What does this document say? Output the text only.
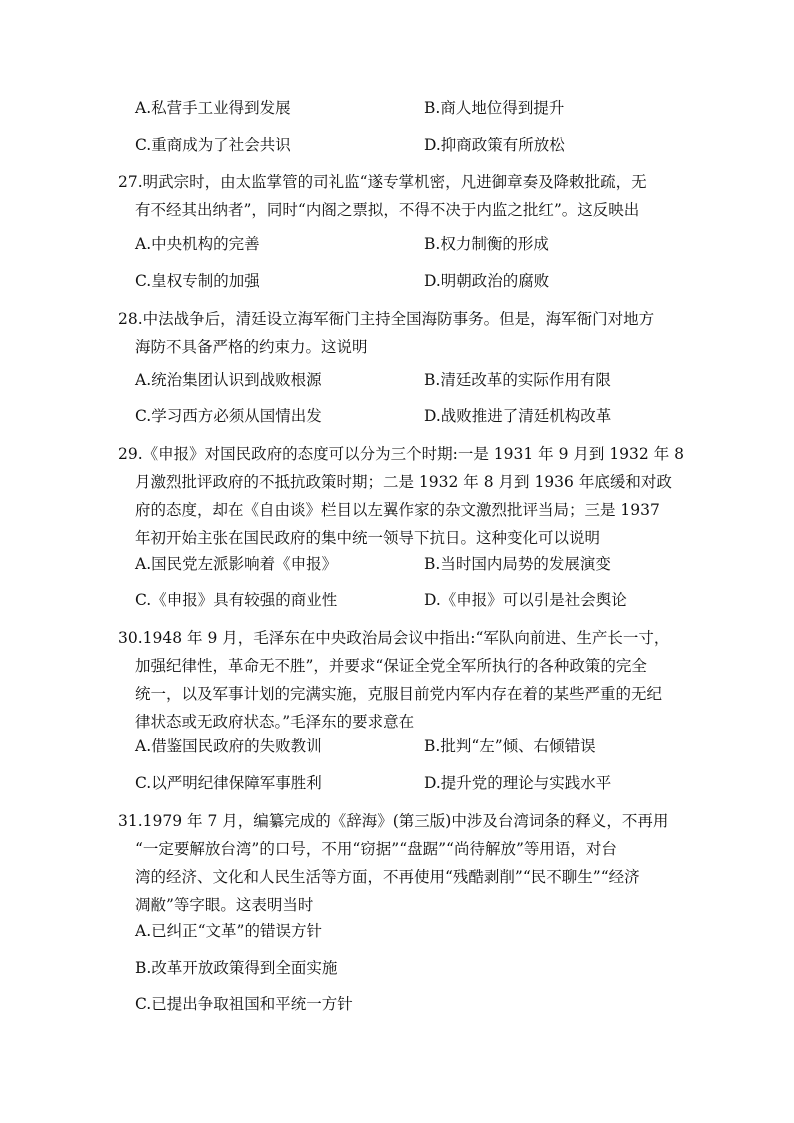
A.私营手工业得到发展	B.商人地位得到提升
C.重商成为了社会共识	D.抑商政策有所放松
27.明武宗时，由太监掌管的司礼监“遂专掌机密，凡进御章奏及降敕批疏，无
有不经其出纳者”，同时“内阁之票拟，不得不决于内监之批红”。这反映出
A.中央机构的完善	B.权力制衡的形成
C.皇权专制的加强	D.明朝政治的腐败
28.中法战争后，清廷设立海军衙门主持全国海防事务。但是，海军衙门对地方
海防不具备严格的约束力。这说明
A.统治集团认识到战败根源	B.清廷改革的实际作用有限
C.学习西方必须从国情出发	D.战败推进了清廷机构改革
29.《申报》对国民政府的态度可以分为三个时期:一是 1931 年 9 月到 1932 年 8
月激烈批评政府的不抵抗政策时期；二是 1932 年 8 月到 1936 年底缓和对政
府的态度，却在《自由谈》栏目以左翼作家的杂文激烈批评当局；三是 1937
年初开始主张在国民政府的集中统一领导下抗日。这种变化可以说明
A.国民党左派影响着《申报》	B.当时国内局势的发展演变
C.《申报》具有较强的商业性	D.《申报》可以引是社会舆论
30.1948 年 9 月，毛泽东在中央政治局会议中指出:“军队向前进、生产长一寸，
加强纪律性，革命无不胜”，并要求“保证全党全军所执行的各种政策的完全
统一，以及军事计划的完满实施，克服目前党内军内存在着的某些严重的无纪
律状态或无政府状态。”毛泽东的要求意在
A.借鉴国民政府的失败教训	B.批判“左”倾、右倾错误
C.以严明纪律保障军事胜利	D.提升党的理论与实践水平
31.1979 年 7 月，编纂完成的《辞海》(第三版)中涉及台湾词条的释义，不再用
“一定要解放台湾”的口号，不用“窃据”“盘踞”“尚待解放”等用语，对台
湾的经济、文化和人民生活等方面，不再使用“残酷剥削”“民不聊生”“经济
凋敝”等字眼。这表明当时
A.已纠正“文革”的错误方针
B.改革开放政策得到全面实施
C.已提出争取祖国和平统一方针
